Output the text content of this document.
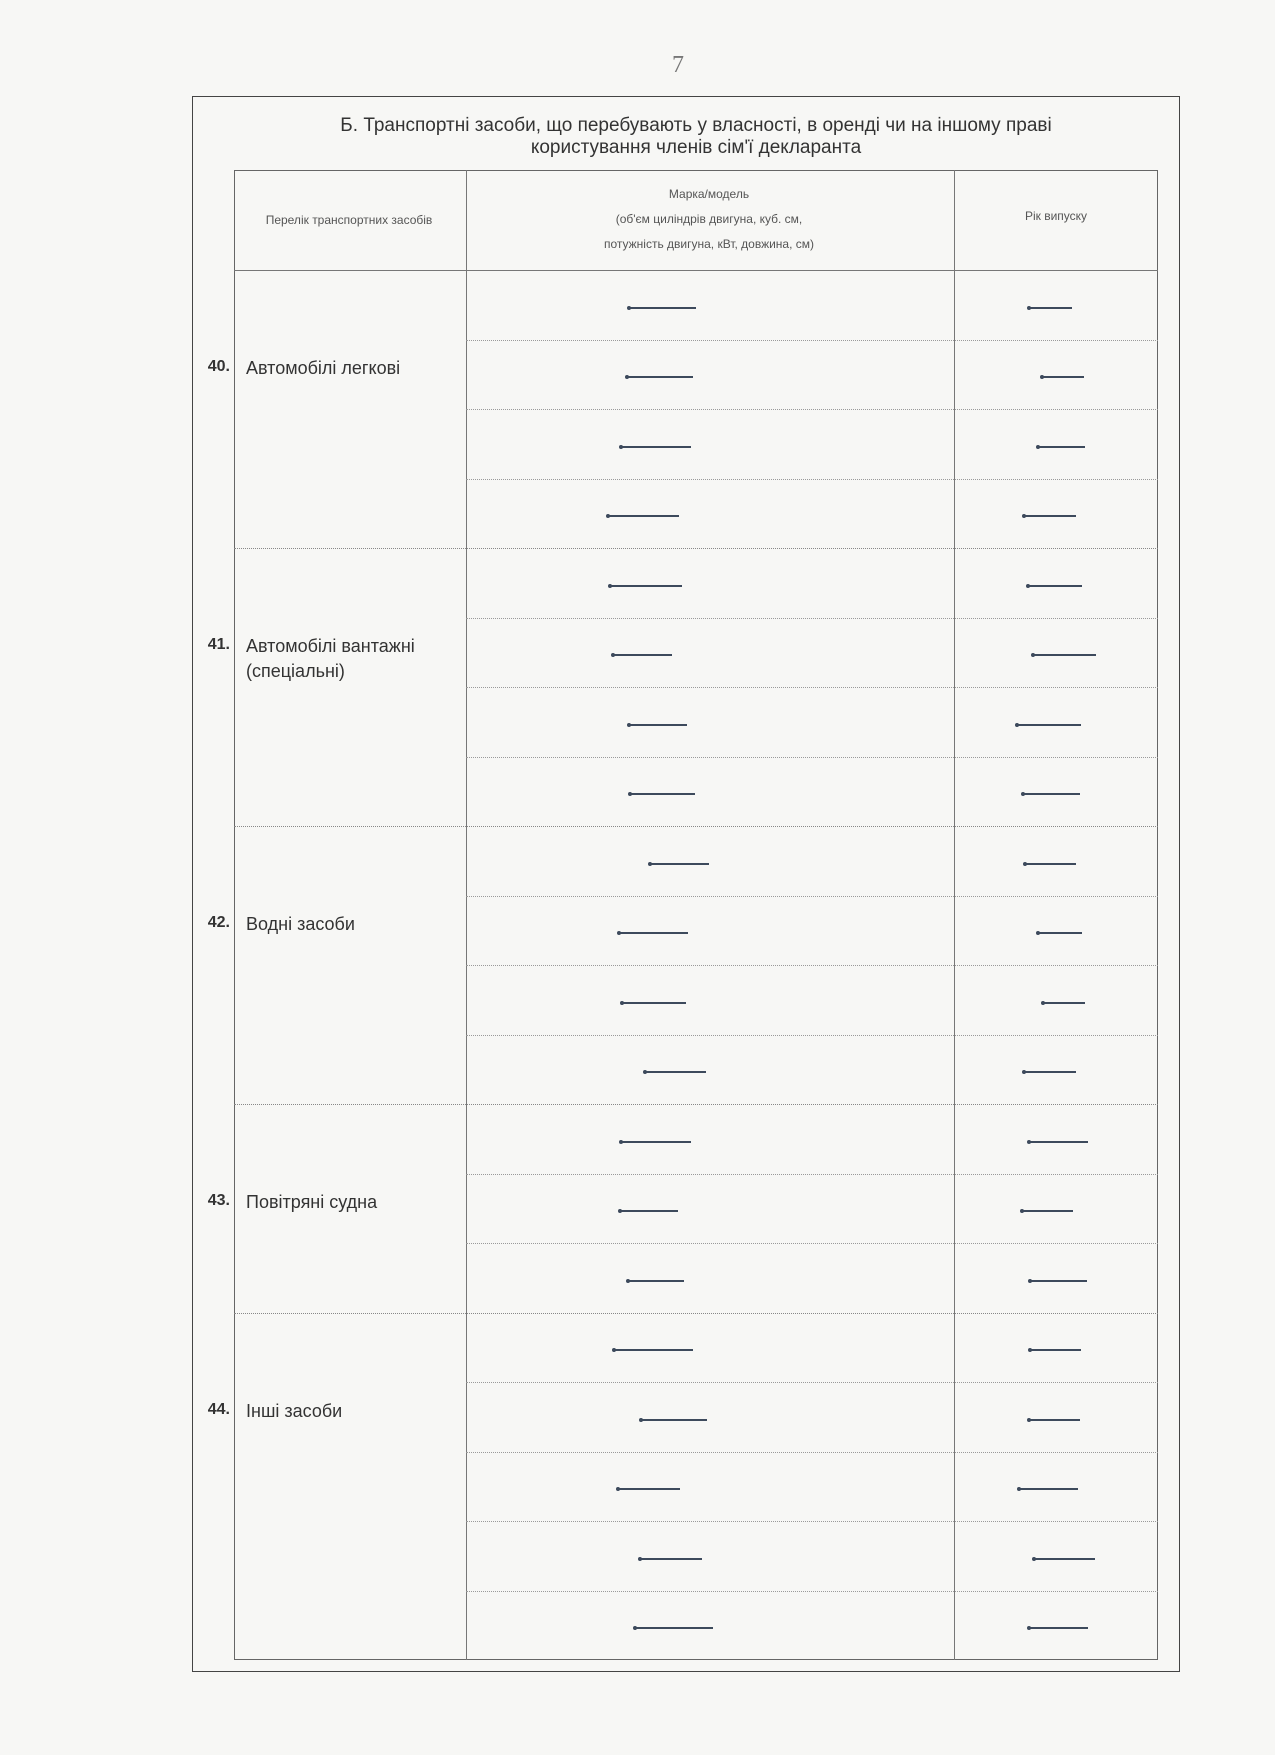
7
Б. Транспортні засоби, що перебувають у власності, в оренді чи на іншому праві
користування членів сім'ї декларанта
Перелік транспортних засобів
Марка/модель
(об'єм циліндрів двигуна, куб. см,
потужність двигуна, кВт, довжина, см)
Рік випуску
40. Автомобілі легкові
41. Автомобілі вантажні (спеціальні)
42. Водні засоби
43. Повітряні судна
44. Інші засоби
